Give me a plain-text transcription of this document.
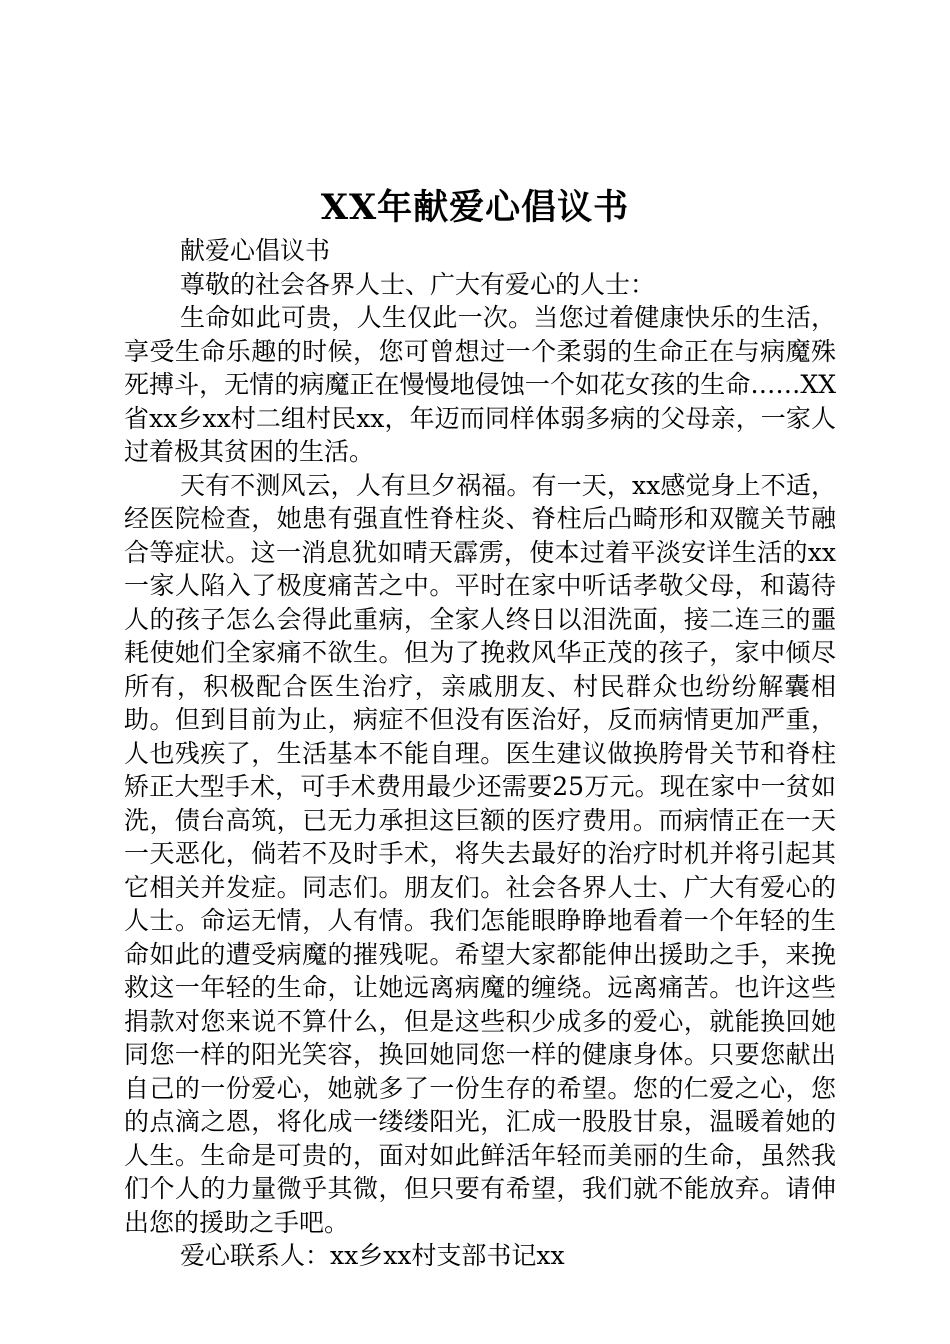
XX年献爱心倡议书

献爱心倡议书

尊敬的社会各界人士、广大有爱心的人士：

生命如此可贵，人生仅此一次。当您过着健康快乐的生活，享受生命乐趣的时候，您可曾想过一个柔弱的生命正在与病魔殊死搏斗，无情的病魔正在慢慢地侵蚀一个如花女孩的生命……XX省xx乡xx村二组村民xx，年迈而同样体弱多病的父母亲，一家人过着极其贫困的生活。

天有不测风云，人有旦夕祸福。有一天，xx感觉身上不适，经医院检查，她患有强直性脊柱炎、脊柱后凸畸形和双髋关节融合等症状。这一消息犹如晴天霹雳，使本过着平淡安详生活的xx一家人陷入了极度痛苦之中。平时在家中听话孝敬父母，和蔼待人的孩子怎么会得此重病，全家人终日以泪洗面，接二连三的噩耗使她们全家痛不欲生。但为了挽救风华正茂的孩子，家中倾尽所有，积极配合医生治疗，亲戚朋友、村民群众也纷纷解囊相助。但到目前为止，病症不但没有医治好，反而病情更加严重，人也残疾了，生活基本不能自理。医生建议做换胯骨关节和脊柱矫正大型手术，可手术费用最少还需要25万元。现在家中一贫如洗，债台高筑，已无力承担这巨额的医疗费用。而病情正在一天一天恶化，倘若不及时手术，将失去最好的治疗时机并将引起其它相关并发症。同志们。朋友们。社会各界人士、广大有爱心的人士。命运无情，人有情。我们怎能眼睁睁地看着一个年轻的生命如此的遭受病魔的摧残呢。希望大家都能伸出援助之手，来挽救这一年轻的生命，让她远离病魔的缠绕。远离痛苦。也许这些捐款对您来说不算什么，但是这些积少成多的爱心，就能换回她同您一样的阳光笑容，换回她同您一样的健康身体。只要您献出自己的一份爱心，她就多了一份生存的希望。您的仁爱之心，您的点滴之恩，将化成一缕缕阳光，汇成一股股甘泉，温暖着她的人生。生命是可贵的，面对如此鲜活年轻而美丽的生命，虽然我们个人的力量微乎其微，但只要有希望，我们就不能放弃。请伸出您的援助之手吧。

爱心联系人：xx乡xx村支部书记xx
